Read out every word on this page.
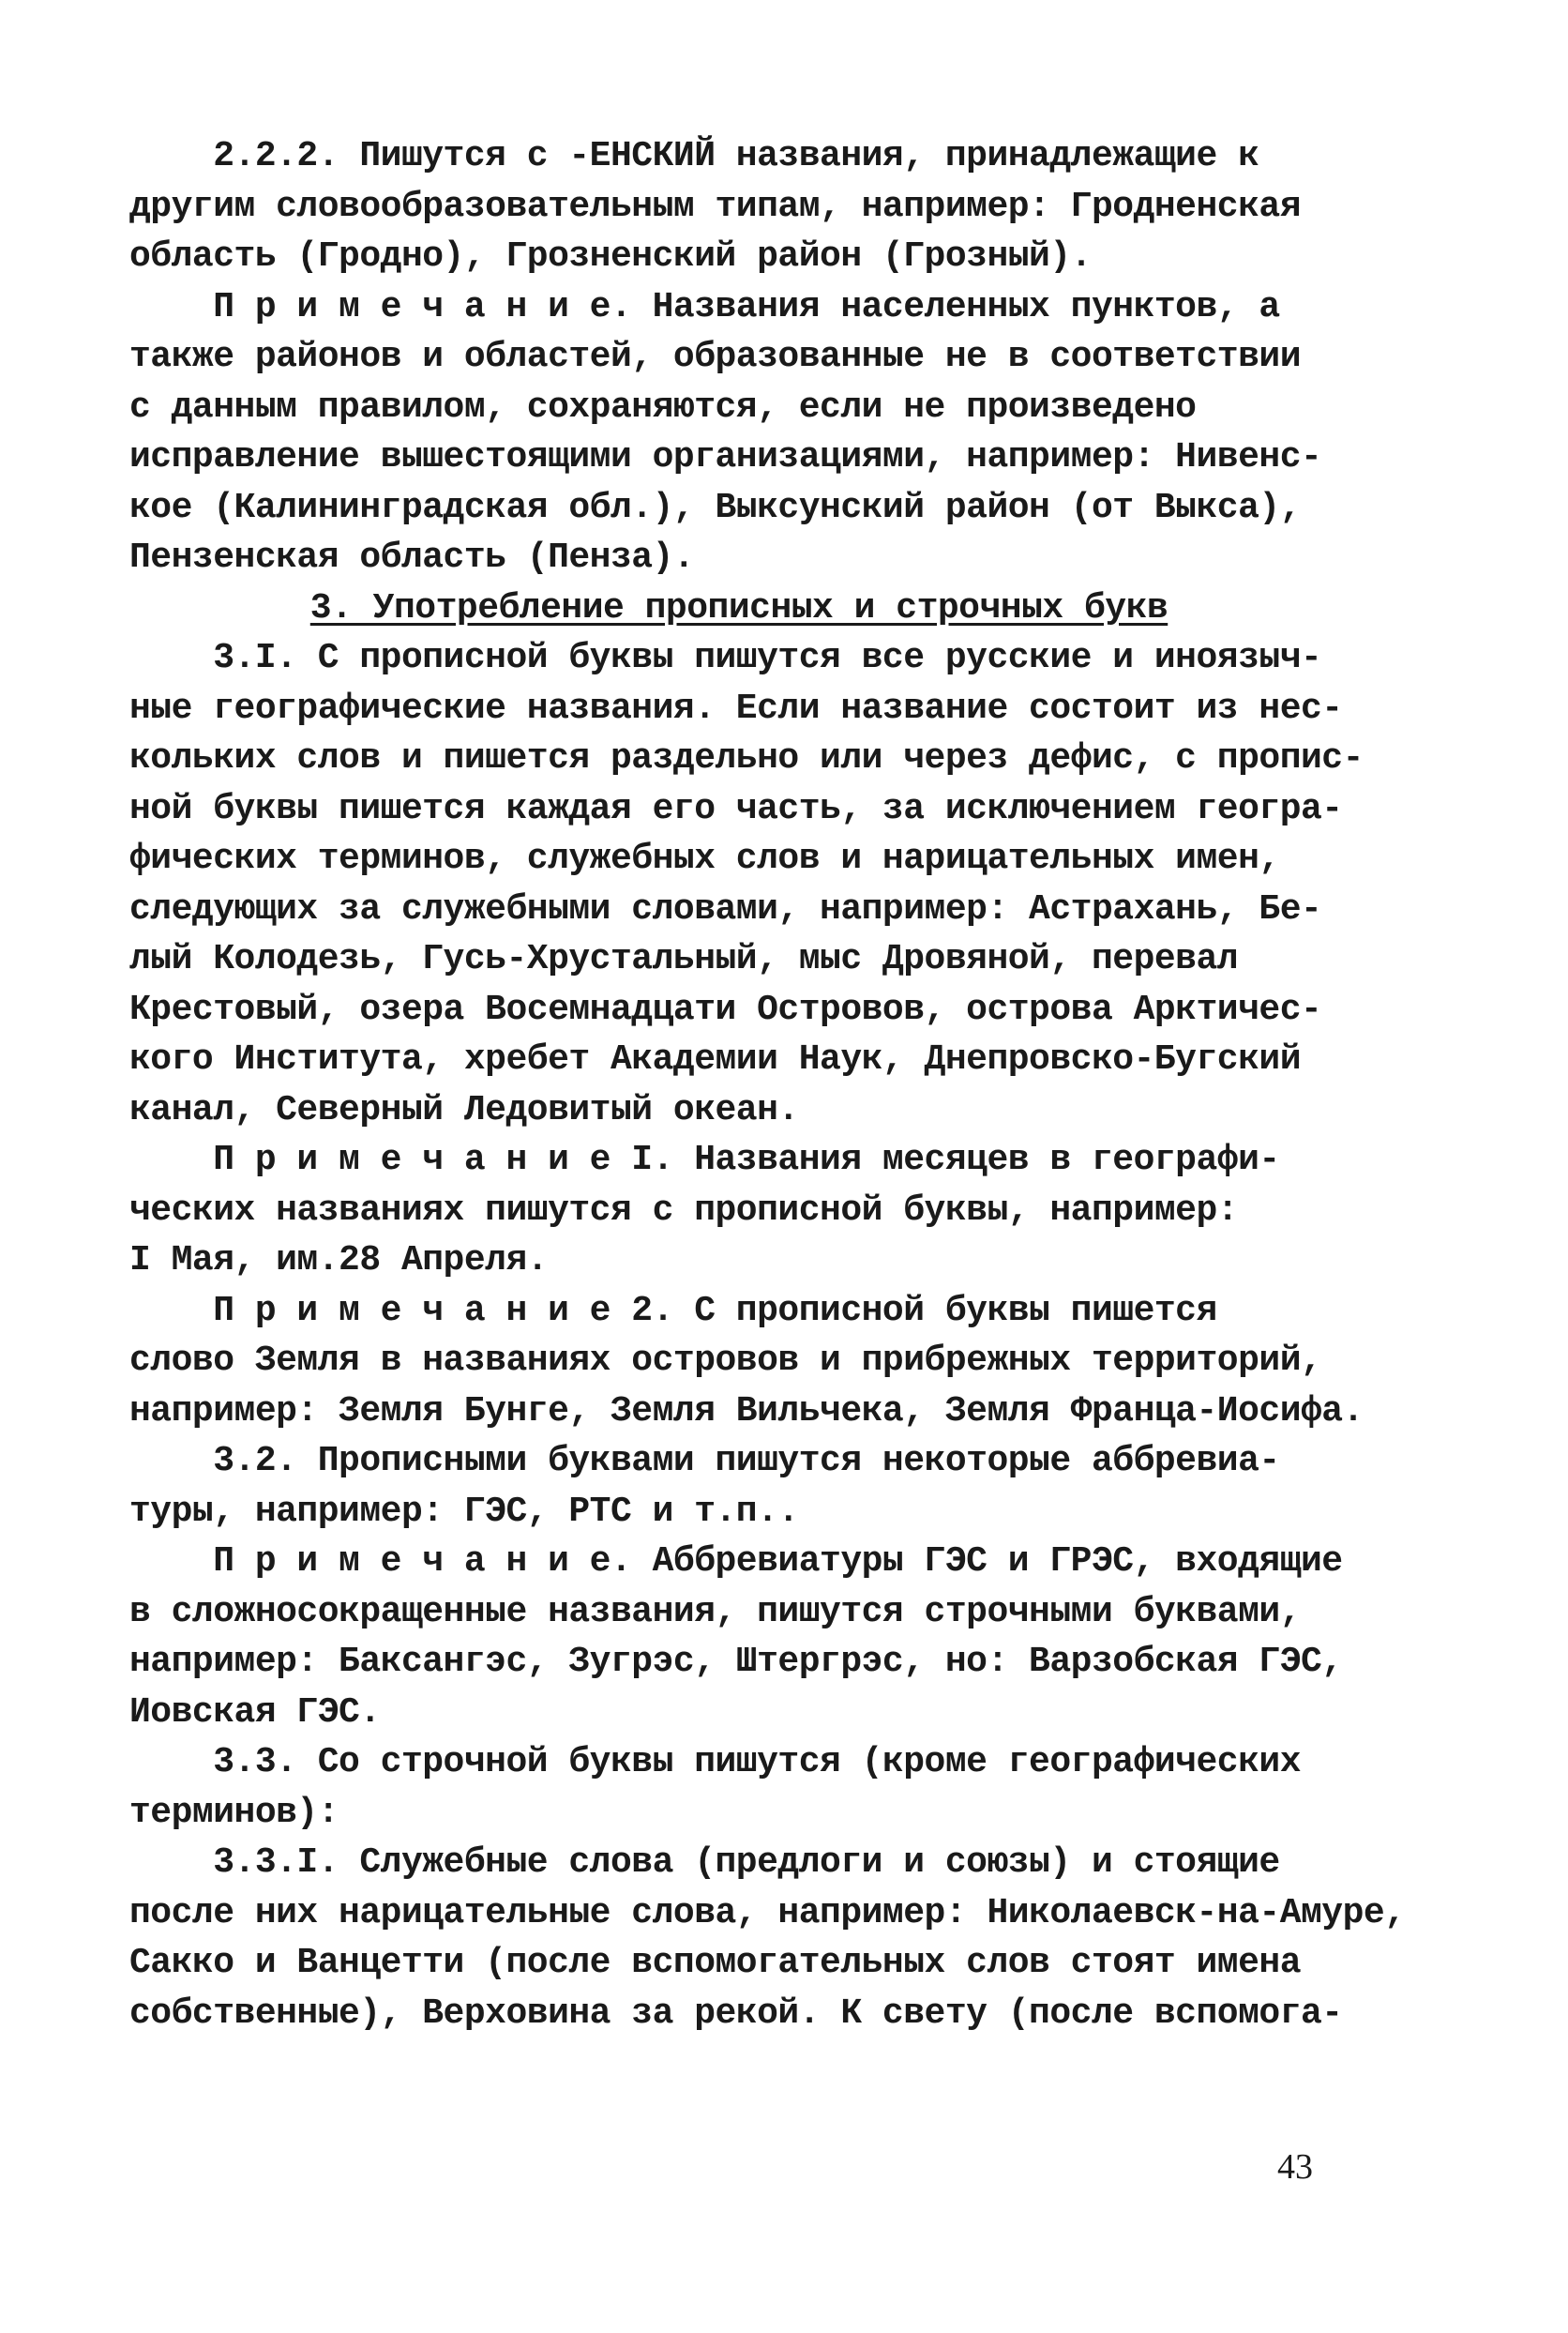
2.2.2. Пишутся с -ЕНСКИЙ названия, принадлежащие к
другим словообразовательным типам, например: Гродненская
область (Гродно), Грозненский район (Грозный).
П р и м е ч а н и е. Названия населенных пунктов, а
также районов и областей, образованные не в соответствии
с данным правилом, сохраняются, если не произведено
исправление вышестоящими организациями, например: Нивенс-
кое (Калининградская обл.), Выксунский район (от Выкса),
Пензенская область (Пенза).
3. Употребление прописных и строчных букв
3.I. С прописной буквы пишутся все русские и иноязыч-
ные географические названия. Если название состоит из нес-
кольких слов и пишется раздельно или через дефис, с пропис-
ной буквы пишется каждая его часть, за исключением геогра-
фических терминов, служебных слов и нарицательных имен,
следующих за служебными словами, например: Астрахань, Бе-
лый Колодезь, Гусь-Хрустальный, мыс Дровяной, перевал
Крестовый, озера Восемнадцати Островов, острова Арктичес-
кого Института, хребет Академии Наук, Днепровско-Бугский
канал, Северный Ледовитый океан.
П р и м е ч а н и е I. Названия месяцев в географи-
ческих названиях пишутся с прописной буквы, например:
I Мая, им.28 Апреля.
П р и м е ч а н и е 2. С прописной буквы пишется
слово Земля в названиях островов и прибрежных территорий,
например: Земля Бунге, Земля Вильчека, Земля Франца-Иосифа.
3.2. Прописными буквами пишутся некоторые аббревиа-
туры, например: ГЭС, РТС и т.п..
П р и м е ч а н и е. Аббревиатуры ГЭС и ГРЭС, входящие
в сложносокращенные названия, пишутся строчными буквами,
например: Баксангэс, Зугрэс, Штергрэс, но: Варзобская ГЭС,
Иовская ГЭС.
3.3. Со строчной буквы пишутся (кроме географических
терминов):
3.3.I. Служебные слова (предлоги и союзы) и стоящие
после них нарицательные слова, например: Николаевск-на-Амуре,
Сакко и Ванцетти (после вспомогательных слов стоят имена
собственные), Верховина за рекой. К свету (после вспомога-
43
